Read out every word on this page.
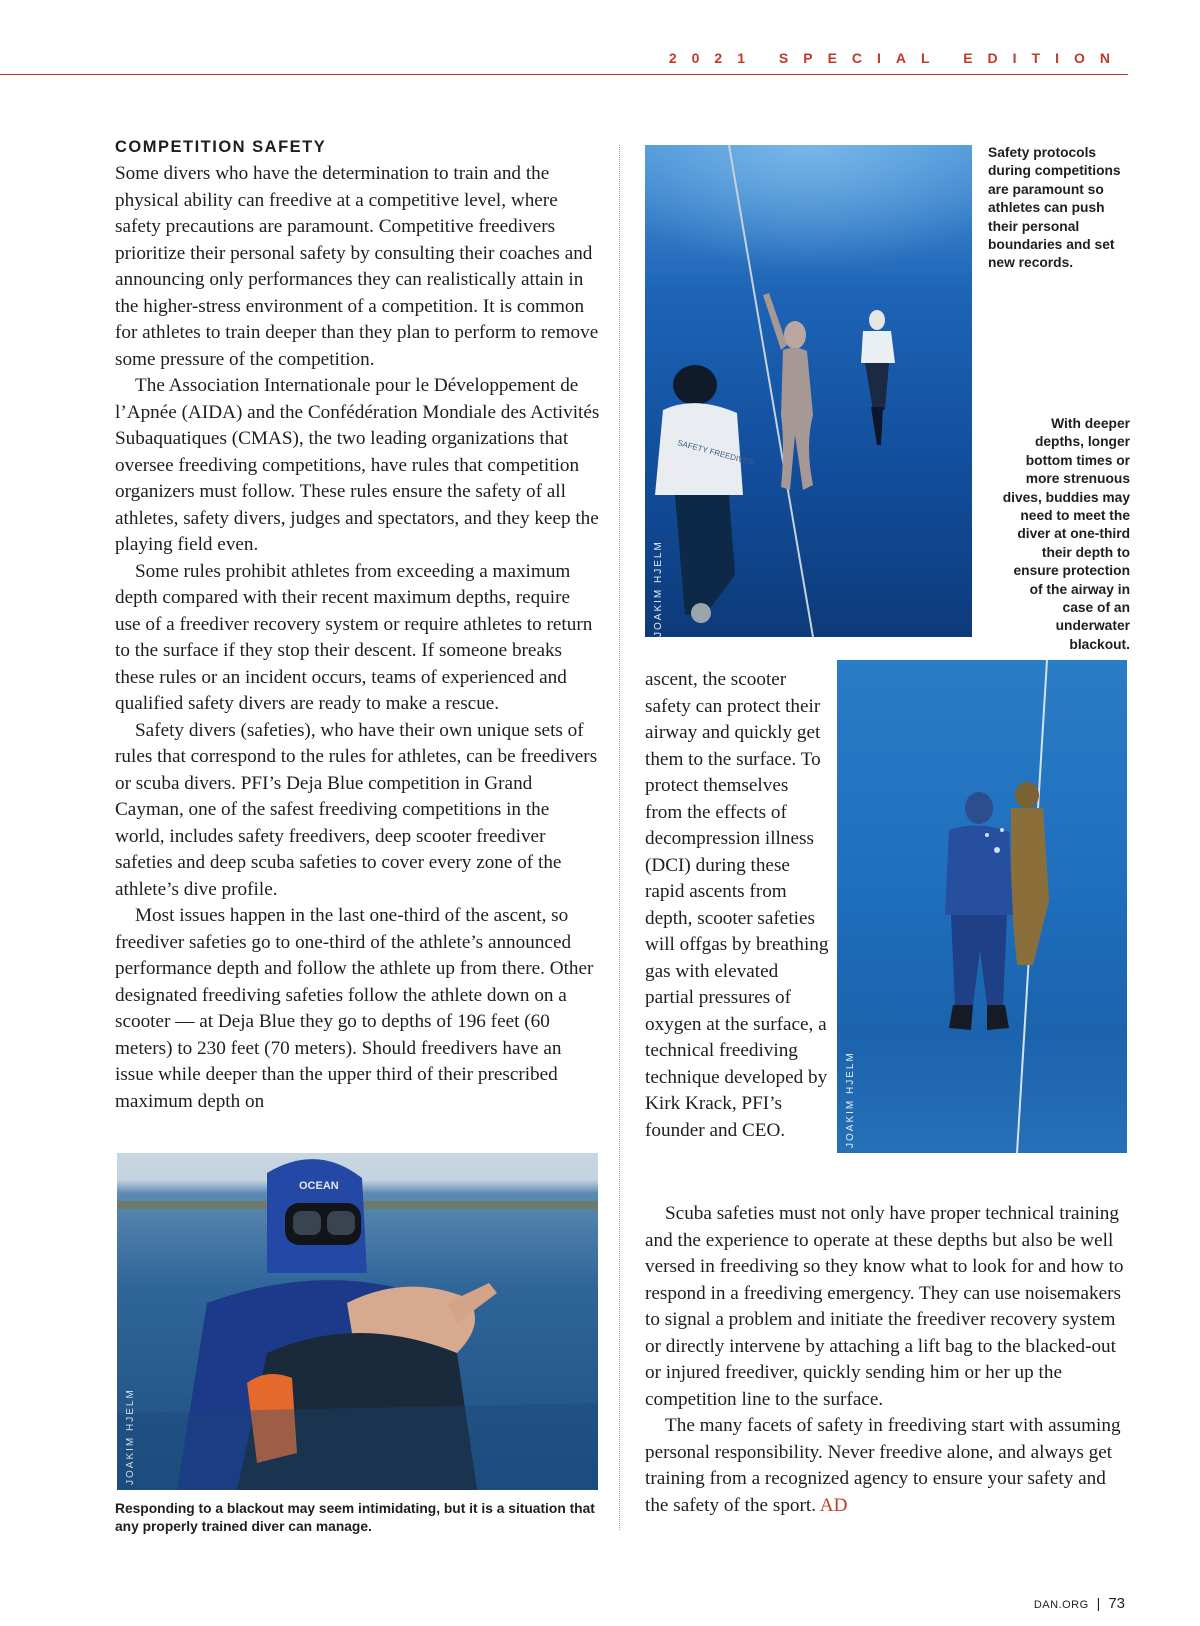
2021 SPECIAL EDITION
COMPETITION SAFETY

Some divers who have the determination to train and the physical ability can freedive at a competitive level, where safety precautions are paramount. Competitive freedivers prioritize their personal safety by consulting their coaches and announcing only performances they can realistically attain in the higher-stress environment of a competition. It is common for athletes to train deeper than they plan to perform to remove some pressure of the competition.

The Association Internationale pour le Développement de l’Apnée (AIDA) and the Confédération Mondiale des Activités Subaquatiques (CMAS), the two leading organizations that oversee freediving competitions, have rules that competition organizers must follow. These rules ensure the safety of all athletes, safety divers, judges and spectators, and they keep the playing field even.

Some rules prohibit athletes from exceeding a maximum depth compared with their recent maximum depths, require use of a freediver recovery system or require athletes to return to the surface if they stop their descent. If someone breaks these rules or an incident occurs, teams of experienced and qualified safety divers are ready to make a rescue.

Safety divers (safeties), who have their own unique sets of rules that correspond to the rules for athletes, can be freedivers or scuba divers. PFI’s Deja Blue competition in Grand Cayman, one of the safest freediving competitions in the world, includes safety freedivers, deep scooter freediver safeties and deep scuba safeties to cover every zone of the athlete’s dive profile.

Most issues happen in the last one-third of the ascent, so freediver safeties go to one-third of the athlete’s announced performance depth and follow the athlete up from there. Other designated freediving safeties follow the athlete down on a scooter — at Deja Blue they go to depths of 196 feet (60 meters) to 230 feet (70 meters). Should freedivers have an issue while deeper than the upper third of their prescribed maximum depth on

SAFETY FREEDIVER
JOAKIM HJELM
Safety protocols during competitions are paramount so athletes can push their personal boundaries and set new records.
With deeper depths, longer bottom times or more strenuous dives, buddies may need to meet the diver at one-third their depth to ensure protection of the airway in case of an underwater blackout.

ascent, the scooter safety can protect their airway and quickly get them to the surface. To protect themselves from the effects of decompression illness (DCI) during these rapid ascents from depth, scooter safeties will offgas by breathing gas with elevated partial pressures of oxygen at the surface, a technical freediving technique developed by Kirk Krack, PFI’s founder and CEO.	JOAKIM HJELM

Scuba safeties must not only have proper technical training and the experience to operate at these depths but also be well versed in freediving so they know what to look for and how to respond in a freediving emergency. They can use noisemakers to signal a problem and initiate the freediver recovery system or directly intervene by attaching a lift bag to the blacked-out or injured freediver, quickly sending him or her up the competition line to the surface.

The many facets of safety in freediving start with assuming personal responsibility. Never freedive alone, and always get training from a recognized agency to ensure your safety and the safety of the sport. AD

OCEAN
JOAKIM HJELM
Responding to a blackout may seem intimidating, but it is a situation that any properly trained diver can manage.
DAN.ORG | 73
